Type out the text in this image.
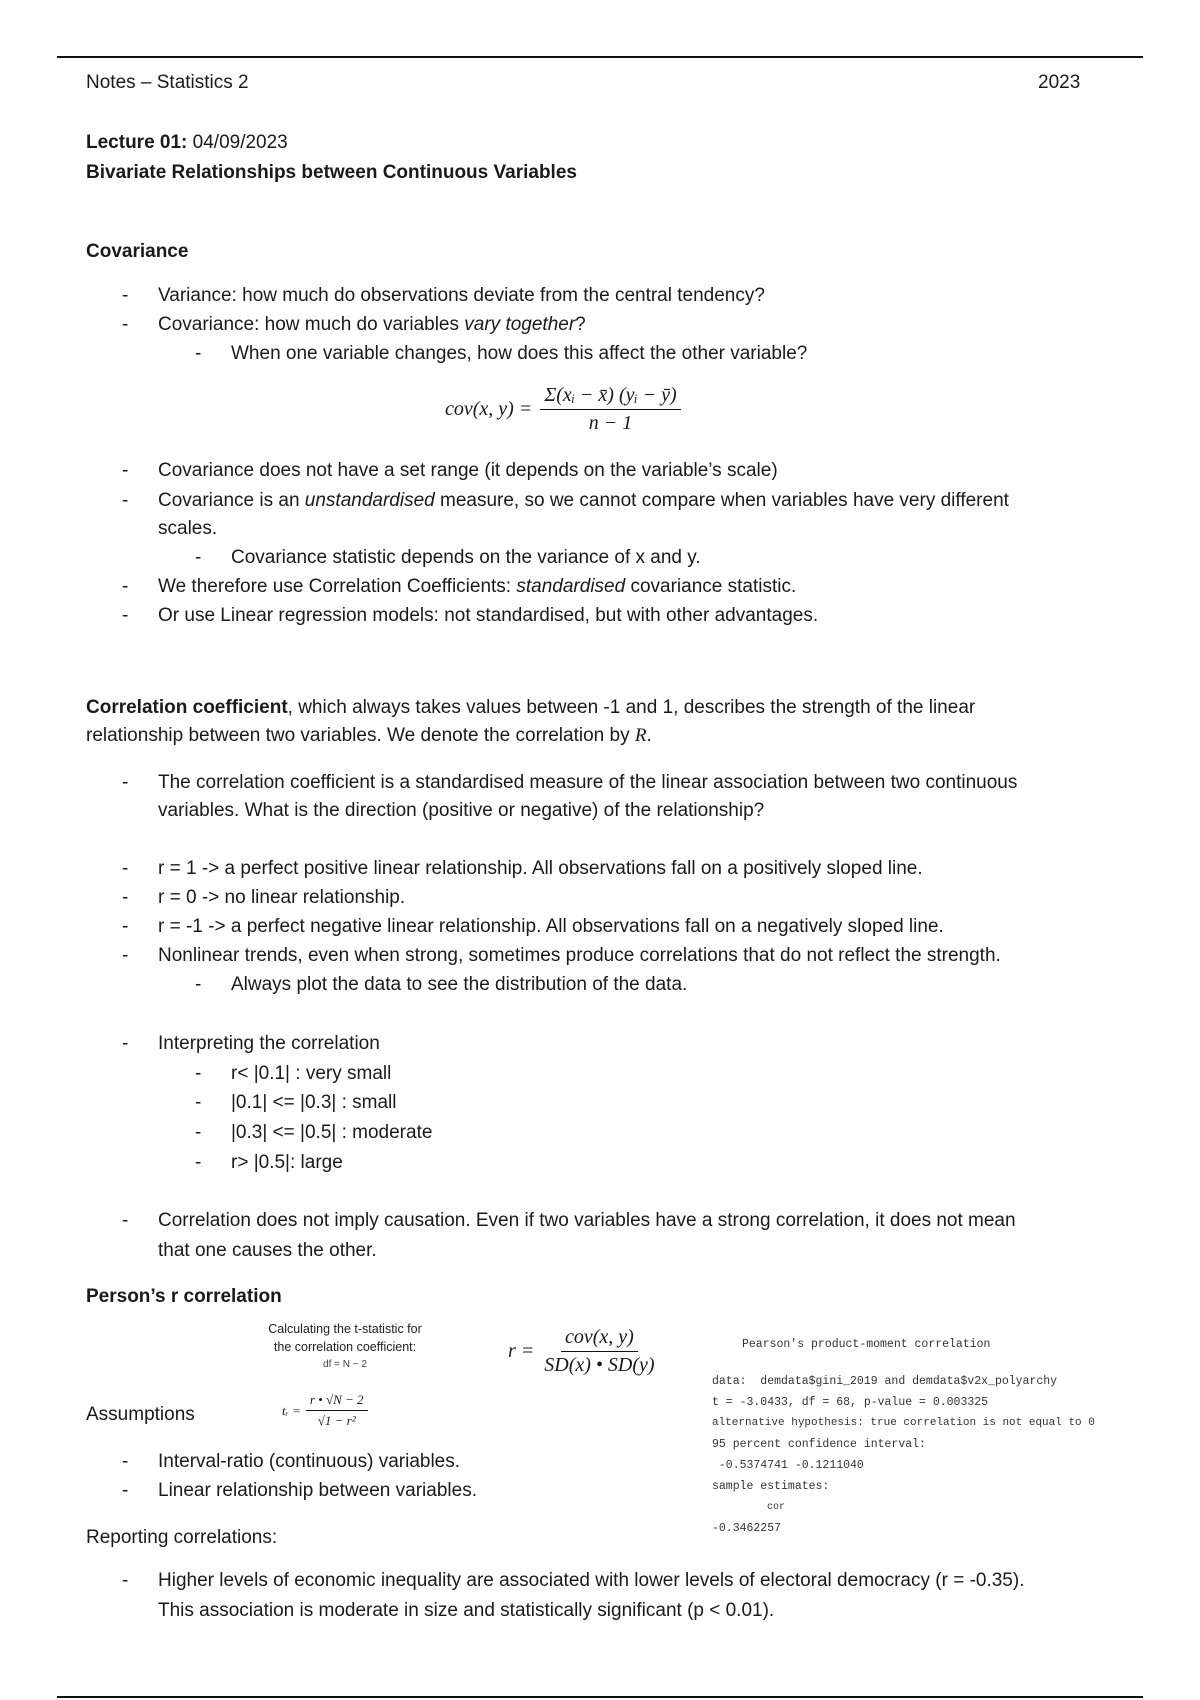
Notes – Statistics 2	2023
Lecture 01: 04/09/2023
Bivariate Relationships between Continuous Variables
Covariance
-	Variance: how much do observations deviate from the central tendency?
-	Covariance: how much do variables vary together?
-	When one variable changes, how does this affect the other variable?
cov(x, $y) = \frac{\text{Σ(xᵢ − x̄) (yᵢ − ȳ)}}{n - 1}$
-	Covariance does not have a set range (it depends on the variable’s scale)
-	Covariance is an unstandardised measure, so we cannot compare when variables have very different
scales.
-	Covariance statistic depends on the variance of x and y.
-	We therefore use Correlation Coefficients: standardised covariance statistic.
-	Or use Linear regression models: not standardised, but with other advantages.
Correlation coefficient, which always takes values between -1 and 1, describes the strength of the linear
relationship between two variables. We denote the correlation by R.
-	The correlation coefficient is a standardised measure of the linear association between two continuous
variables. What is the direction (positive or negative) of the relationship?
-	r = 1 -> a perfect positive linear relationship. All observations fall on a positively sloped line.
-	r = 0 -> no linear relationship.
-	r = -1 -> a perfect negative linear relationship. All observations fall on a negatively sloped line.
-	Nonlinear trends, even when strong, sometimes produce correlations that do not reflect the strength.
-	Always plot the data to see the distribution of the data.
-	Interpreting the correlation
-	r< |0.1| : very small
-	|0.1| <= |0.3| : small
-	|0.3| <= |0.5| : moderate
-	r> |0.5|: large
-	Correlation does not imply causation. Even if two variables have a strong correlation, it does not mean
that one causes the other.
Person’s r correlation
Calculating the t-statistic for
the correlation coefficient:
df = N − 2
tᵣ = $\frac{r • √N - 2}{\text{√1 − r²}}$
$r = \frac{\text{cov(x, y)}}{SD(x) • SD(y)}$	Pearson's product-moment correlation
data:  demdata$gini_2019 and demdata$v2x_polyarchy
t = -3.0433, df = 68, p-value = 0.003325
alternative hypothesis: true correlation is not equal to 0
95 percent confidence interval:
-0.5374741 -0.1211040
sample estimates:
cor
-0.3462257
Assumptions
-	Interval-ratio (continuous) variables.
-	Linear relationship between variables.
Reporting correlations:
-	Higher levels of economic inequality are associated with lower levels of electoral democracy (r = -0.35).
This association is moderate in size and statistically significant (p < 0.01).
